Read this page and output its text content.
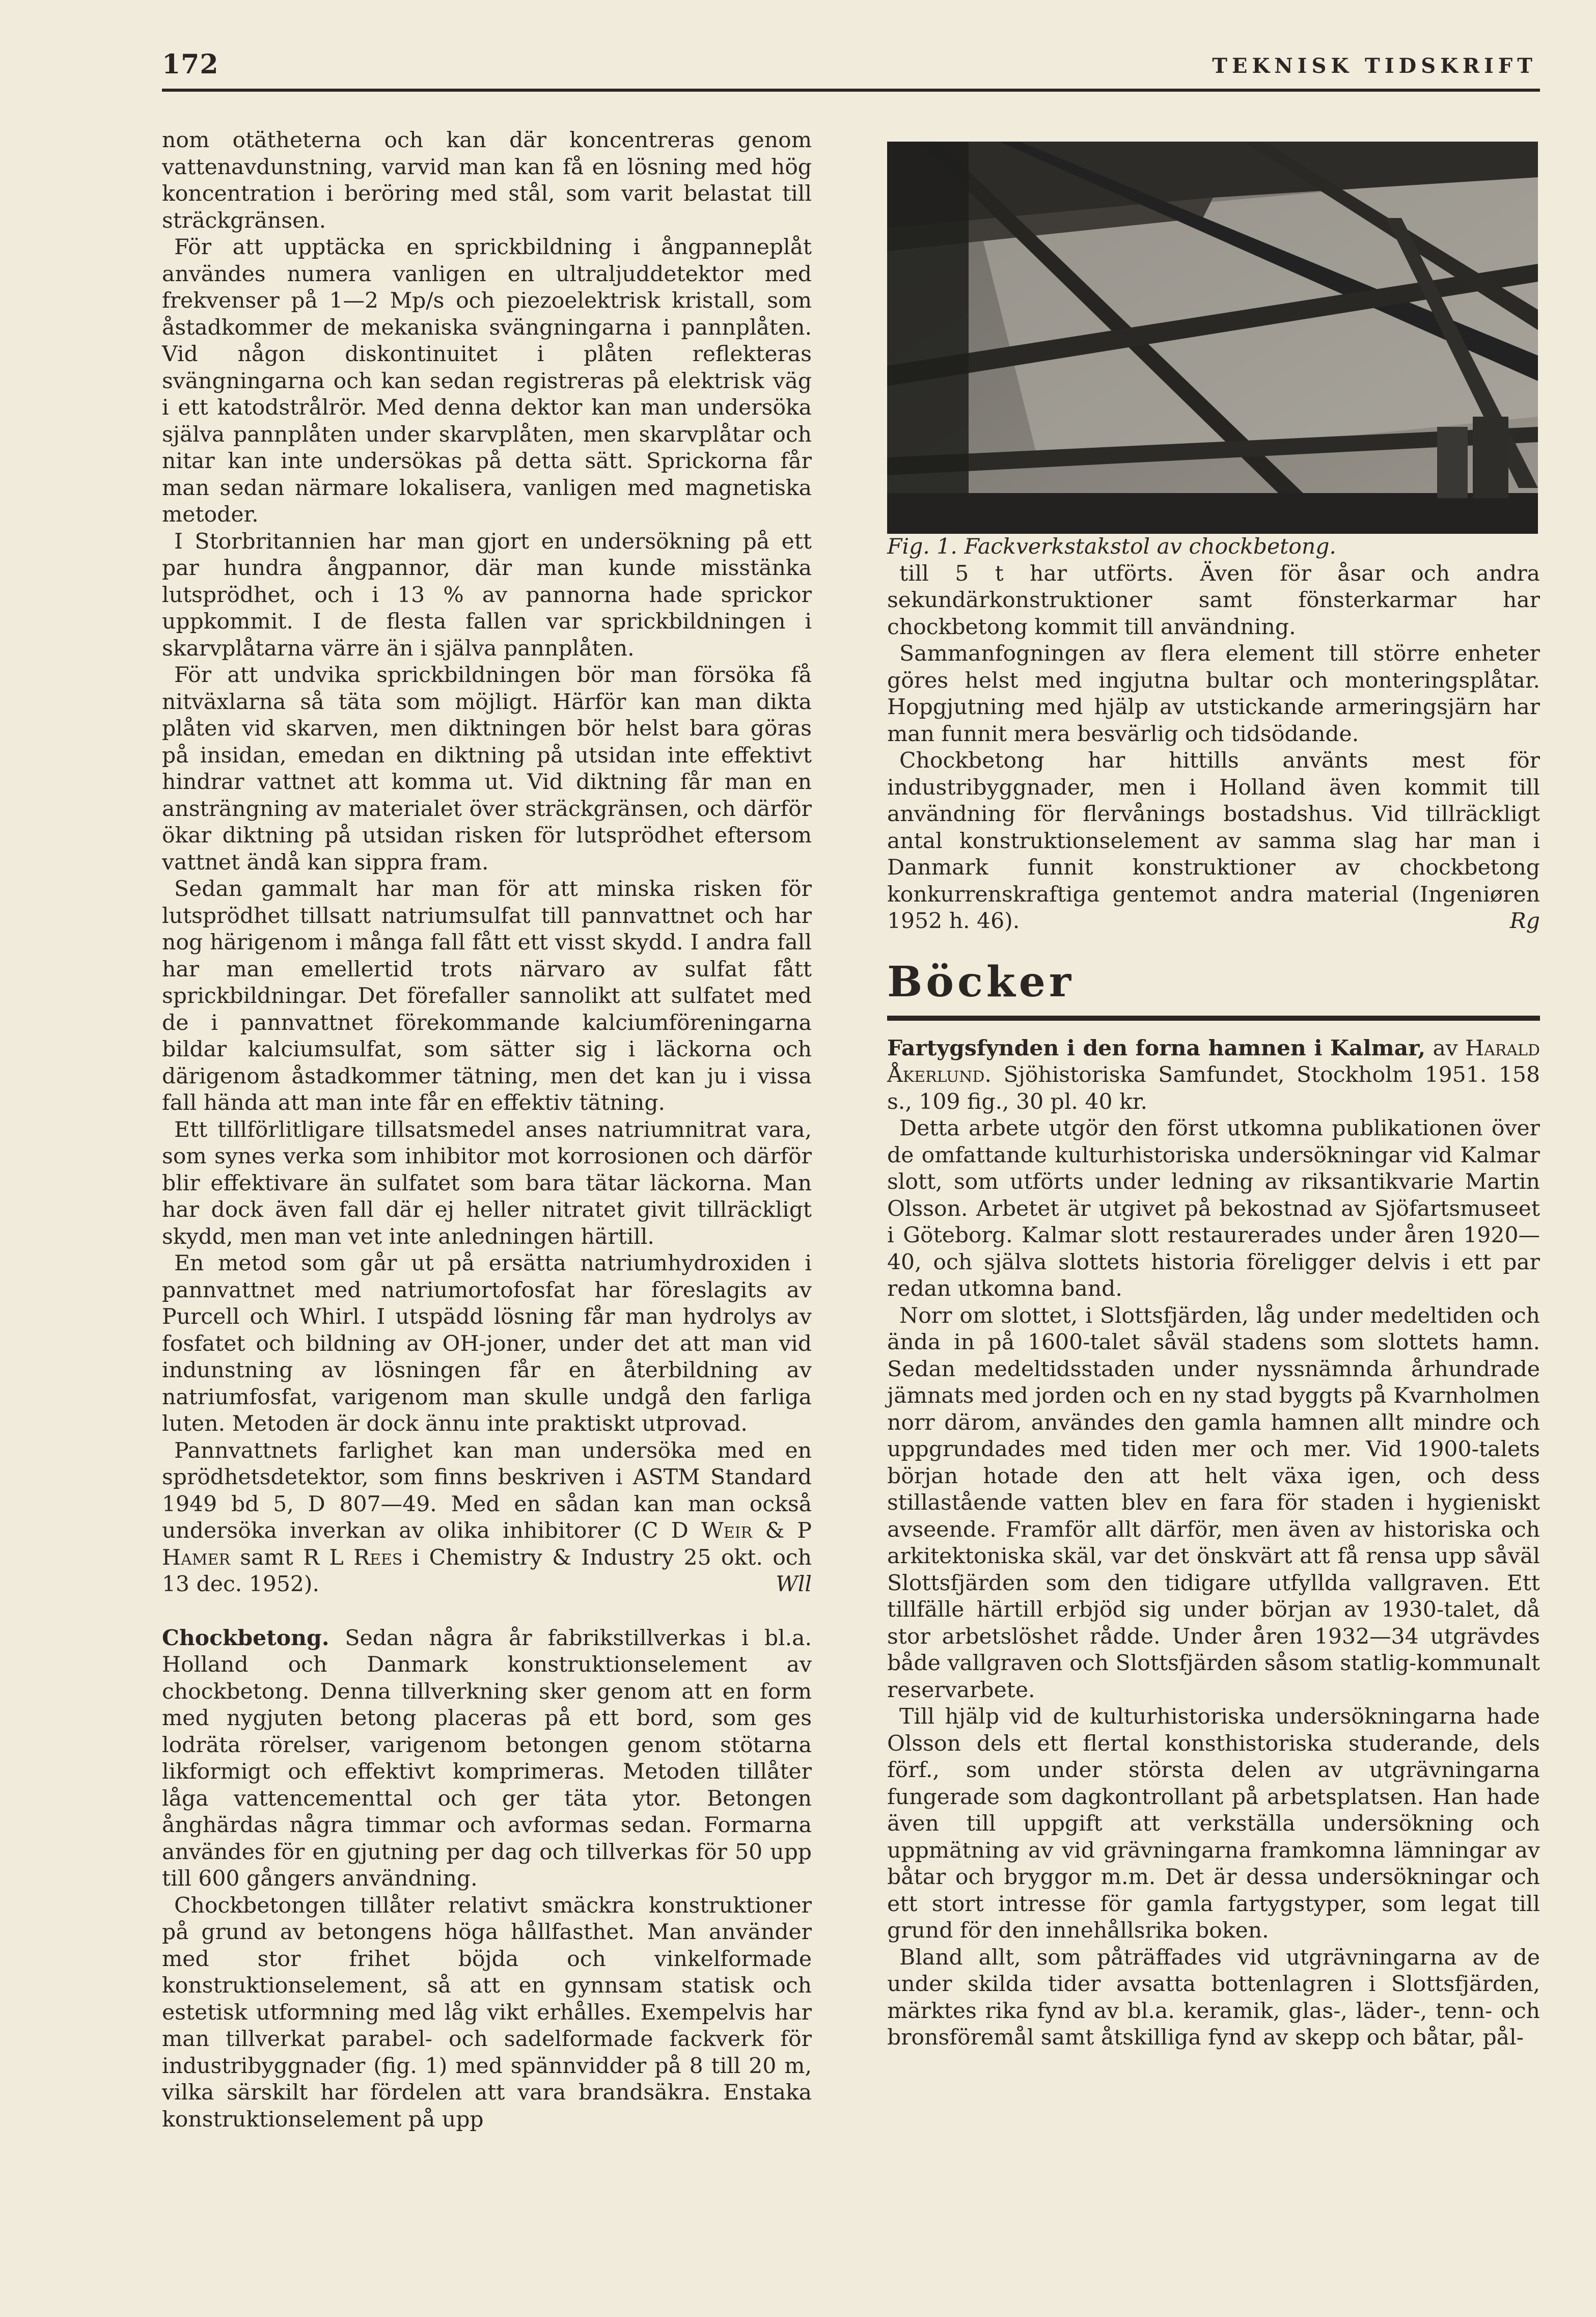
172	TEKNISK TIDSKRIFT

nom otätheterna och kan där koncentreras genom vattenavdunstning, varvid man kan få en lösning med hög koncentration i beröring med stål, som varit belastat till sträckgränsen.

För att upptäcka en sprickbildning i ångpanneplåt användes numera vanligen en ultraljuddetektor med frekvenser på 1—2 Mp/s och piezoelektrisk kristall, som åstadkommer de mekaniska svängningarna i pannplåten. Vid någon diskontinuitet i plåten reflekteras svängningarna och kan sedan registreras på elektrisk väg i ett katodstrålrör. Med denna dektor kan man undersöka själva pannplåten under skarvplåten, men skarvplåtar och nitar kan inte undersökas på detta sätt. Sprickorna får man sedan närmare lokalisera, vanligen med magnetiska metoder.

I Storbritannien har man gjort en undersökning på ett par hundra ångpannor, där man kunde misstänka lutsprödhet, och i 13 % av pannorna hade sprickor uppkommit. I de flesta fallen var sprickbildningen i skarvplåtarna värre än i själva pannplåten.

För att undvika sprickbildningen bör man försöka få nitväxlarna så täta som möjligt. Härför kan man dikta plåten vid skarven, men diktningen bör helst bara göras på insidan, emedan en diktning på utsidan inte effektivt hindrar vattnet att komma ut. Vid diktning får man en ansträngning av materialet över sträckgränsen, och därför ökar diktning på utsidan risken för lutsprödhet eftersom vattnet ändå kan sippra fram.

Sedan gammalt har man för att minska risken för lutsprödhet tillsatt natriumsulfat till pannvattnet och har nog härigenom i många fall fått ett visst skydd. I andra fall har man emellertid trots närvaro av sulfat fått sprickbildningar. Det förefaller sannolikt att sulfatet med de i pannvattnet förekommande kalciumföreningarna bildar kalciumsulfat, som sätter sig i läckorna och därigenom åstadkommer tätning, men det kan ju i vissa fall hända att man inte får en effektiv tätning.

Ett tillförlitligare tillsatsmedel anses natriumnitrat vara, som synes verka som inhibitor mot korrosionen och därför blir effektivare än sulfatet som bara tätar läckorna. Man har dock även fall där ej heller nitratet givit tillräckligt skydd, men man vet inte anledningen härtill.

En metod som går ut på ersätta natriumhydroxiden i pannvattnet med natriumortofosfat har föreslagits av Purcell och Whirl. I utspädd lösning får man hydrolys av fosfatet och bildning av OH-joner, under det att man vid indunstning av lösningen får en återbildning av natriumfosfat, varigenom man skulle undgå den farliga luten. Metoden är dock ännu inte praktiskt utprovad.

Pannvattnets farlighet kan man undersöka med en sprödhetsdetektor, som finns beskriven i ASTM Standard 1949 bd 5, D 807—49. Med en sådan kan man också undersöka inverkan av olika inhibitorer (C D Weir & P Hamer samt R L Rees i Chemistry & Industry 25 okt. och 13 dec. 1952).	Wll

Chockbetong. Sedan några år fabrikstillverkas i bl.a. Holland och Danmark konstruktionselement av chockbetong. Denna tillverkning sker genom att en form med nygjuten betong placeras på ett bord, som ges lodräta rörelser, varigenom betongen genom stötarna likformigt och effektivt komprimeras. Metoden tillåter låga vattencementtal och ger täta ytor. Betongen ånghärdas några timmar och avformas sedan. Formarna användes för en gjutning per dag och tillverkas för 50 upp till 600 gångers användning.

Chockbetongen tillåter relativt smäckra konstruktioner på grund av betongens höga hållfasthet. Man använder med stor frihet böjda och vinkelformade konstruktionselement, så att en gynnsam statisk och estetisk utformning med låg vikt erhålles. Exempelvis har man tillverkat parabel- och sadelformade fackverk för industribyggnader (fig. 1) med spännvidder på 8 till 20 m, vilka särskilt har fördelen att vara brandsäkra. Enstaka konstruktionselement på upp

Fig. 1. Fackverkstakstol av chockbetong.

till 5 t har utförts. Även för åsar och andra sekundärkonstruktioner samt fönsterkarmar har chockbetong kommit till användning.

Sammanfogningen av flera element till större enheter göres helst med ingjutna bultar och monteringsplåtar. Hopgjutning med hjälp av utstickande armeringsjärn har man funnit mera besvärlig och tidsödande.

Chockbetong har hittills använts mest för industribyggnader, men i Holland även kommit till användning för flervånings bostadshus. Vid tillräckligt antal konstruktionselement av samma slag har man i Danmark funnit konstruktioner av chockbetong konkurrenskraftiga gentemot andra material (Ingeniøren 1952 h. 46).	Rg

Böcker

Fartygsfynden i den forna hamnen i Kalmar, av Harald Åkerlund. Sjöhistoriska Samfundet, Stockholm 1951. 158 s., 109 fig., 30 pl. 40 kr.

Detta arbete utgör den först utkomna publikationen över de omfattande kulturhistoriska undersökningar vid Kalmar slott, som utförts under ledning av riksantikvarie Martin Olsson. Arbetet är utgivet på bekostnad av Sjöfartsmuseet i Göteborg. Kalmar slott restaurerades under åren 1920—40, och själva slottets historia föreligger delvis i ett par redan utkomna band.

Norr om slottet, i Slottsfjärden, låg under medeltiden och ända in på 1600-talet såväl stadens som slottets hamn. Sedan medeltidsstaden under nyssnämnda århundrade jämnats med jorden och en ny stad byggts på Kvarnholmen norr därom, användes den gamla hamnen allt mindre och uppgrundades med tiden mer och mer. Vid 1900-talets början hotade den att helt växa igen, och dess stillastående vatten blev en fara för staden i hygieniskt avseende. Framför allt därför, men även av historiska och arkitektoniska skäl, var det önskvärt att få rensa upp såväl Slottsfjärden som den tidigare utfyllda vallgraven. Ett tillfälle härtill erbjöd sig under början av 1930-talet, då stor arbetslöshet rådde. Under åren 1932—34 utgrävdes både vallgraven och Slottsfjärden såsom statlig-kommunalt reservarbete.

Till hjälp vid de kulturhistoriska undersökningarna hade Olsson dels ett flertal konsthistoriska studerande, dels förf., som under största delen av utgrävningarna fungerade som dagkontrollant på arbetsplatsen. Han hade även till uppgift att verkställa undersökning och uppmätning av vid grävningarna framkomna lämningar av båtar och bryggor m.m. Det är dessa undersökningar och ett stort intresse för gamla fartygstyper, som legat till grund för den innehållsrika boken.

Bland allt, som påträffades vid utgrävningarna av de under skilda tider avsatta bottenlagren i Slottsfjärden, märktes rika fynd av bl.a. keramik, glas-, läder-, tenn- och bronsföremål samt åtskilliga fynd av skepp och båtar, pål-
